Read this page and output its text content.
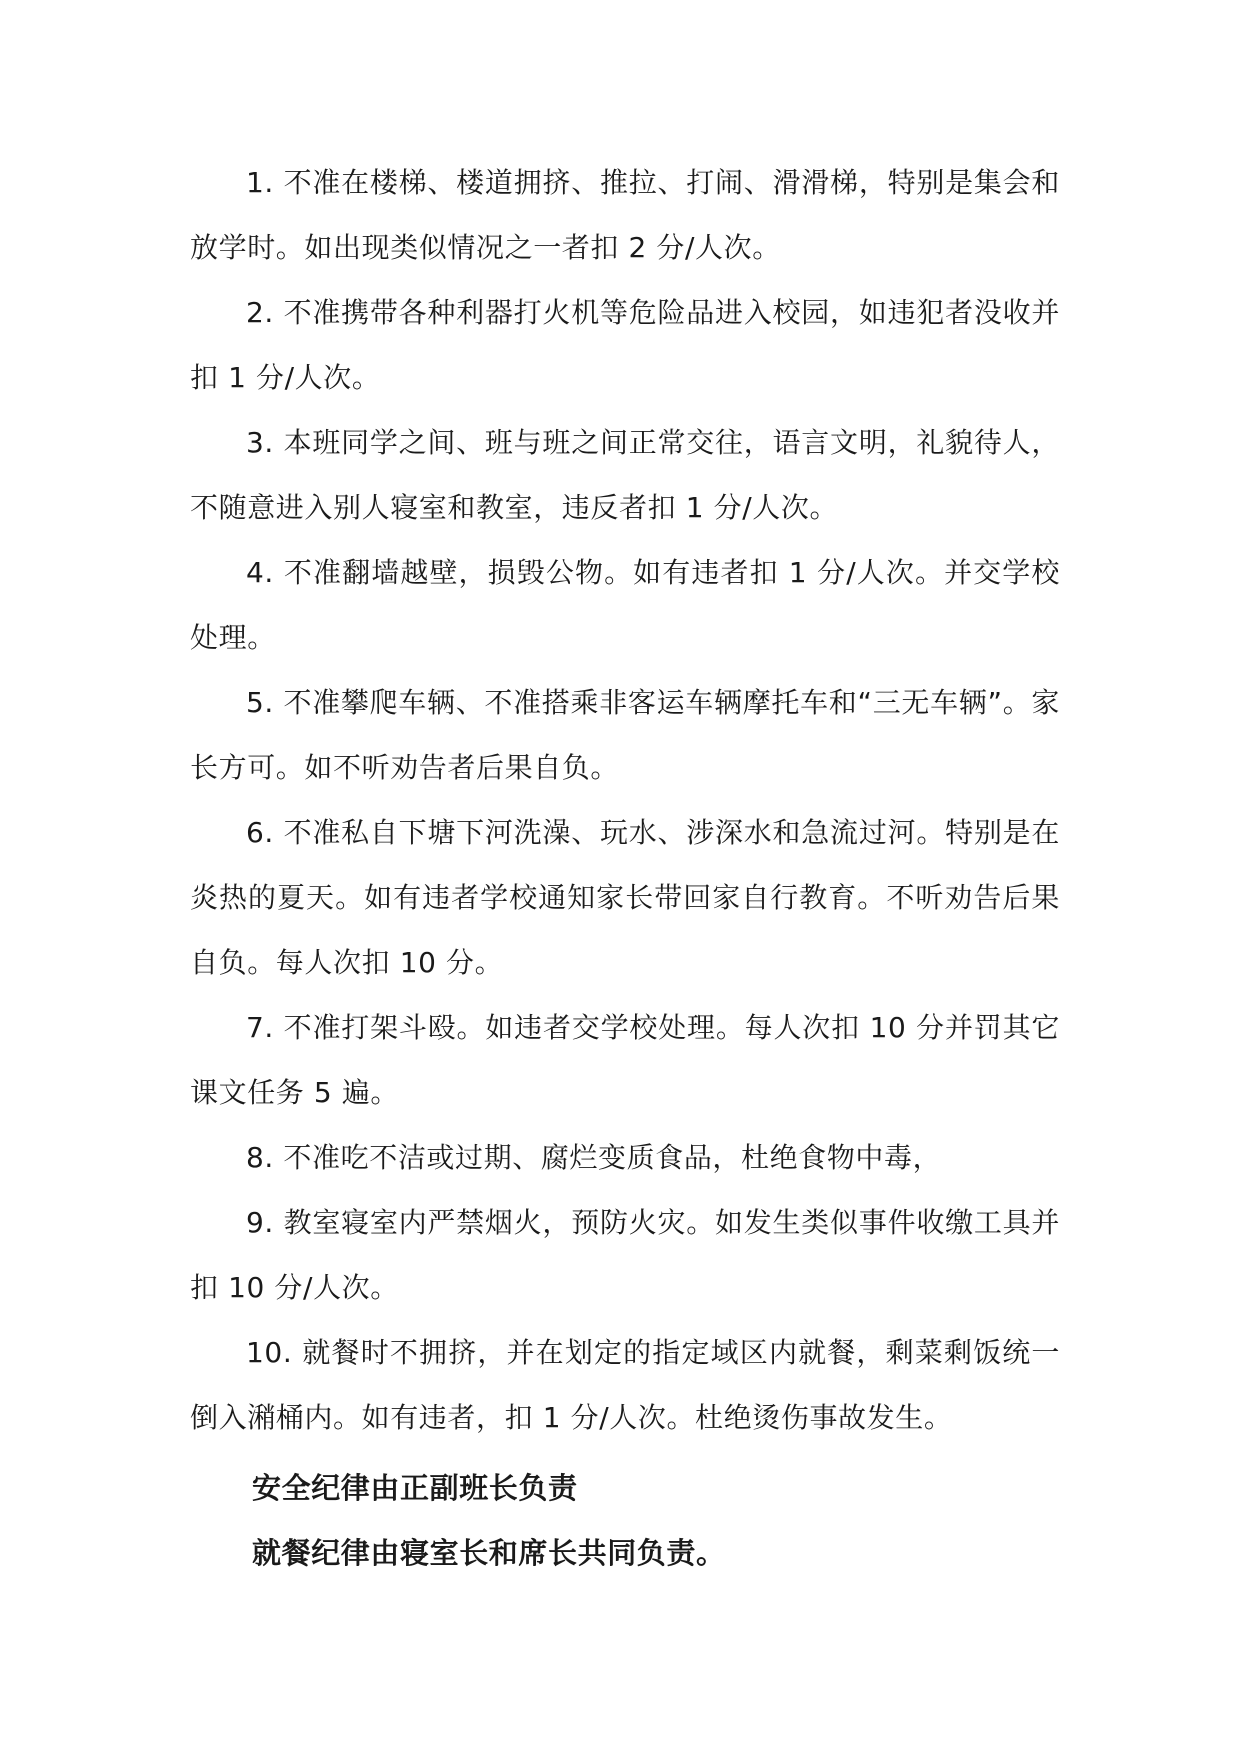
1. 不准在楼梯、楼道拥挤、推拉、打闹、滑滑梯，特别是集会和放学时。如出现类似情况之一者扣 2 分/人次。

2. 不准携带各种利器打火机等危险品进入校园，如违犯者没收并扣 1 分/人次。

3. 本班同学之间、班与班之间正常交往，语言文明，礼貌待人，不随意进入别人寝室和教室，违反者扣 1 分/人次。

4. 不准翻墙越壁，损毁公物。如有违者扣 1 分/人次。并交学校处理。

5. 不准攀爬车辆、不准搭乘非客运车辆摩托车和“三无车辆”。家长方可。如不听劝告者后果自负。

6. 不准私自下塘下河洗澡、玩水、涉深水和急流过河。特别是在炎热的夏天。如有违者学校通知家长带回家自行教育。不听劝告后果自负。每人次扣 10 分。

7. 不准打架斗殴。如违者交学校处理。每人次扣 10 分并罚其它课文任务 5 遍。

8. 不准吃不洁或过期、腐烂变质食品，杜绝食物中毒，

9. 教室寝室内严禁烟火，预防火灾。如发生类似事件收缴工具并扣 10 分/人次。

10. 就餐时不拥挤，并在划定的指定域区内就餐，剩菜剩饭统一倒入潲桶内。如有违者，扣 1 分/人次。杜绝烫伤事故发生。

安全纪律由正副班长负责

就餐纪律由寝室长和席长共同负责。
